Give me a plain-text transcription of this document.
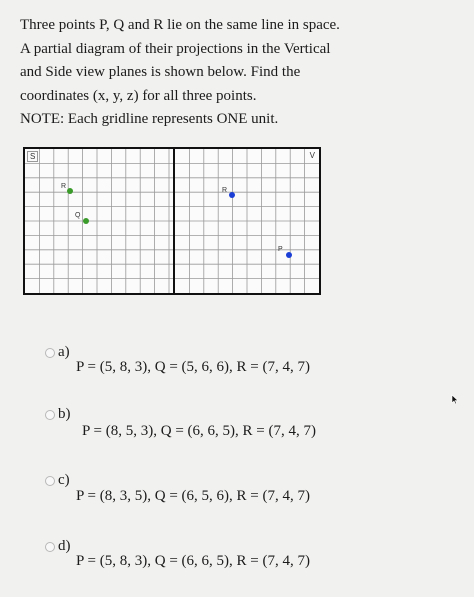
Three points P, Q and R lie on the same line in space.
A partial diagram of their projections in the Vertical
and Side view planes is shown below. Find the
coordinates (x, y, z) for all three points.
NOTE: Each gridline represents ONE unit.
S
R
Q
V
R
P
a)
P = (5, 8, 3), Q = (5, 6, 6), R = (7, 4, 7)
b)
P = (8, 5, 3), Q = (6, 6, 5), R = (7, 4, 7)
c)
P = (8, 3, 5), Q = (6, 5, 6), R = (7, 4, 7)
d)
P = (5, 8, 3), Q = (6, 6, 5), R = (7, 4, 7)
